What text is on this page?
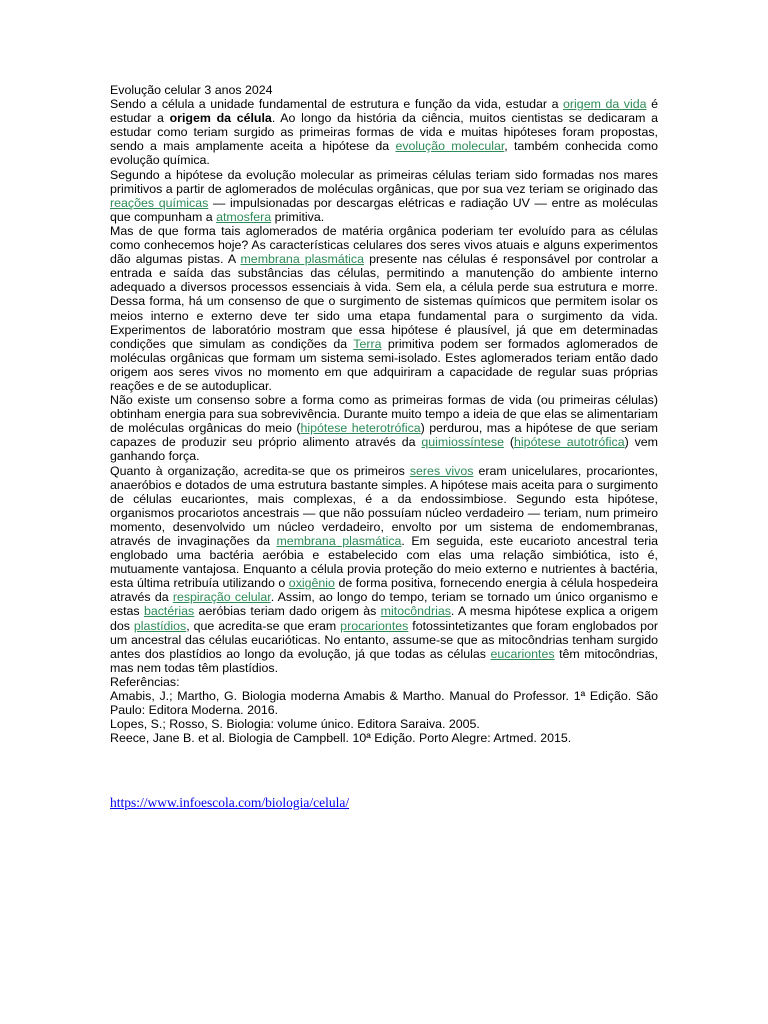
Evolução celular 3 anos 2024

Sendo a célula a unidade fundamental de estrutura e função da vida, estudar a origem da vida é estudar a origem da célula. Ao longo da história da ciência, muitos cientistas se dedicaram a estudar como teriam surgido as primeiras formas de vida e muitas hipóteses foram propostas, sendo a mais amplamente aceita a hipótese da evolução molecular, também conhecida como evolução química.

Segundo a hipótese da evolução molecular as primeiras células teriam sido formadas nos mares primitivos a partir de aglomerados de moléculas orgânicas, que por sua vez teriam se originado das reações químicas — impulsionadas por descargas elétricas e radiação UV — entre as moléculas que compunham a atmosfera primitiva.

Mas de que forma tais aglomerados de matéria orgânica poderiam ter evoluído para as células como conhecemos hoje? As características celulares dos seres vivos atuais e alguns experimentos dão algumas pistas. A membrana plasmática presente nas células é responsável por controlar a entrada e saída das substâncias das células, permitindo a manutenção do ambiente interno adequado a diversos processos essenciais à vida. Sem ela, a célula perde sua estrutura e morre. Dessa forma, há um consenso de que o surgimento de sistemas químicos que permitem isolar os meios interno e externo deve ter sido uma etapa fundamental para o surgimento da vida. Experimentos de laboratório mostram que essa hipótese é plausível, já que em determinadas condições que simulam as condições da Terra primitiva podem ser formados aglomerados de moléculas orgânicas que formam um sistema semi-isolado. Estes aglomerados teriam então dado origem aos seres vivos no momento em que adquiriram a capacidade de regular suas próprias reações e de se autoduplicar.

Não existe um consenso sobre a forma como as primeiras formas de vida (ou primeiras células) obtinham energia para sua sobrevivência. Durante muito tempo a ideia de que elas se alimentariam de moléculas orgânicas do meio (hipótese heterotrófica) perdurou, mas a hipótese de que seriam capazes de produzir seu próprio alimento através da quimiossíntese (hipótese autotrófica) vem ganhando força.

Quanto à organização, acredita-se que os primeiros seres vivos eram unicelulares, procariontes, anaeróbios e dotados de uma estrutura bastante simples. A hipótese mais aceita para o surgimento de células eucariontes, mais complexas, é a da endossimbiose. Segundo esta hipótese, organismos procariotos ancestrais — que não possuíam núcleo verdadeiro — teriam, num primeiro momento, desenvolvido um núcleo verdadeiro, envolto por um sistema de endomembranas, através de invaginações da membrana plasmática. Em seguida, este eucarioto ancestral teria englobado uma bactéria aeróbia e estabelecido com elas uma relação simbiótica, isto é, mutuamente vantajosa. Enquanto a célula provia proteção do meio externo e nutrientes à bactéria, esta última retribuía utilizando o oxigênio de forma positiva, fornecendo energia à célula hospedeira através da respiração celular. Assim, ao longo do tempo, teriam se tornado um único organismo e estas bactérias aeróbias teriam dado origem às mitocôndrias. A mesma hipótese explica a origem dos plastídios, que acredita-se que eram procariontes fotossintetizantes que foram englobados por um ancestral das células eucarióticas. No entanto, assume-se que as mitocôndrias tenham surgido antes dos plastídios ao longo da evolução, já que todas as células eucariontes têm mitocôndrias, mas nem todas têm plastídios.

Referências:

Amabis, J.; Martho, G. Biologia moderna Amabis & Martho. Manual do Professor. 1ª Edição. São Paulo: Editora Moderna. 2016.

Lopes, S.; Rosso, S. Biologia: volume único. Editora Saraiva. 2005.

Reece, Jane B. et al. Biologia de Campbell. 10ª Edição. Porto Alegre: Artmed. 2015.

https://www.infoescola.com/biologia/celula/
